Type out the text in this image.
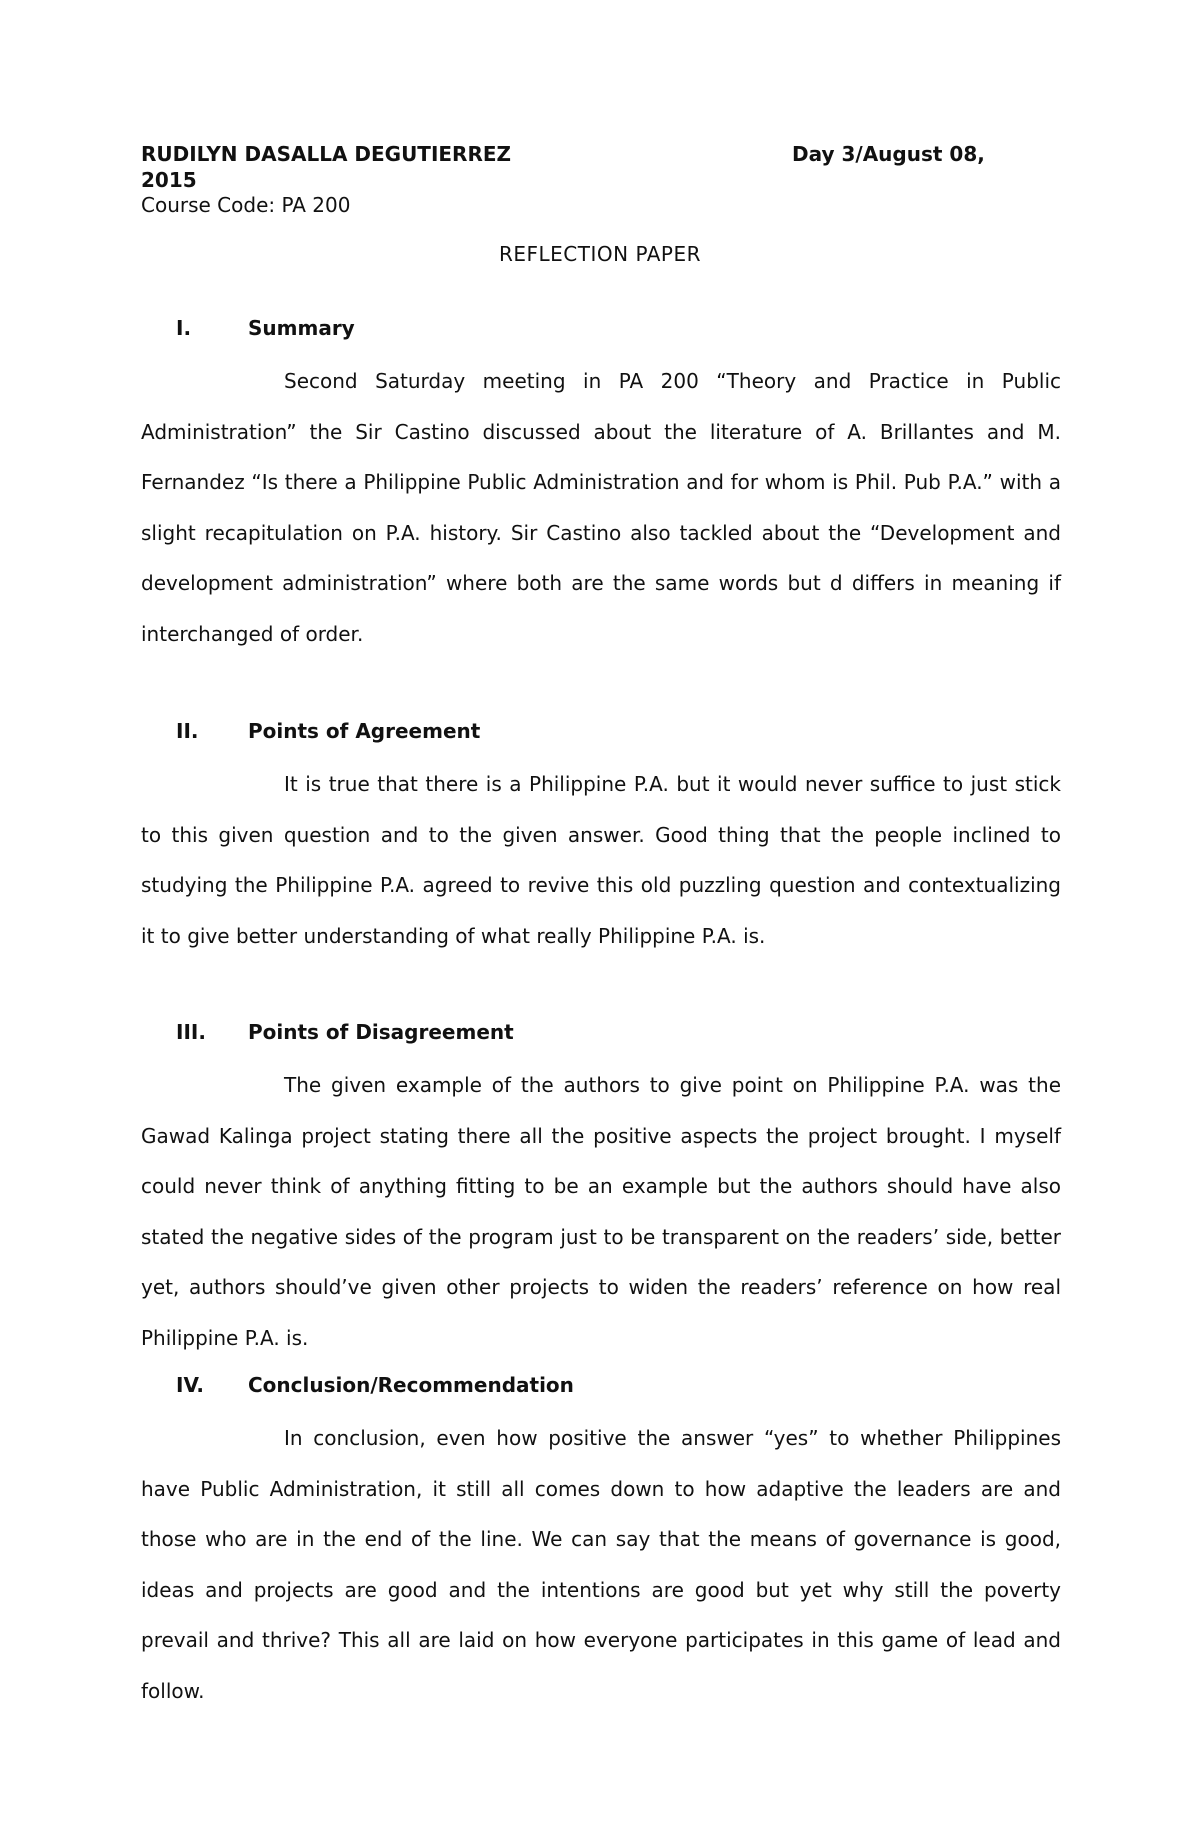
RUDILYN DASALLA DEGUTIERREZ	Day 3/August 08,
2015
Course Code: PA 200
REFLECTION PAPER
I.	Summary

Second Saturday meeting in PA 200 “Theory and Practice in Public Administration” the Sir Castino discussed about the literature of A. Brillantes and M. Fernandez “Is there a Philippine Public Administration and for whom is Phil. Pub P.A.” with a slight recapitulation on P.A. history. Sir Castino also tackled about the “Development and development administration” where both are the same words but d differs in meaning if interchanged of order.

II. Points of Agreement

It is true that there is a Philippine P.A. but it would never suffice to just stick to this given question and to the given answer. Good thing that the people inclined to studying the Philippine P.A. agreed to revive this old puzzling question and contextualizing it to give better understanding of what really Philippine P.A. is.

III. Points of Disagreement

The given example of the authors to give point on Philippine P.A. was the Gawad Kalinga project stating there all the positive aspects the project brought. I myself could never think of anything fitting to be an example but the authors should have also stated the negative sides of the program just to be transparent on the readers’ side, better yet, authors should’ve given other projects to widen the readers’ reference on how real Philippine P.A. is.

IV. Conclusion/Recommendation

In conclusion, even how positive the answer “yes” to whether Philippines have Public Administration, it still all comes down to how adaptive the leaders are and those who are in the end of the line. We can say that the means of governance is good, ideas and projects are good and the intentions are good but yet why still the poverty prevail and thrive? This all are laid on how everyone participates in this game of lead and follow.
